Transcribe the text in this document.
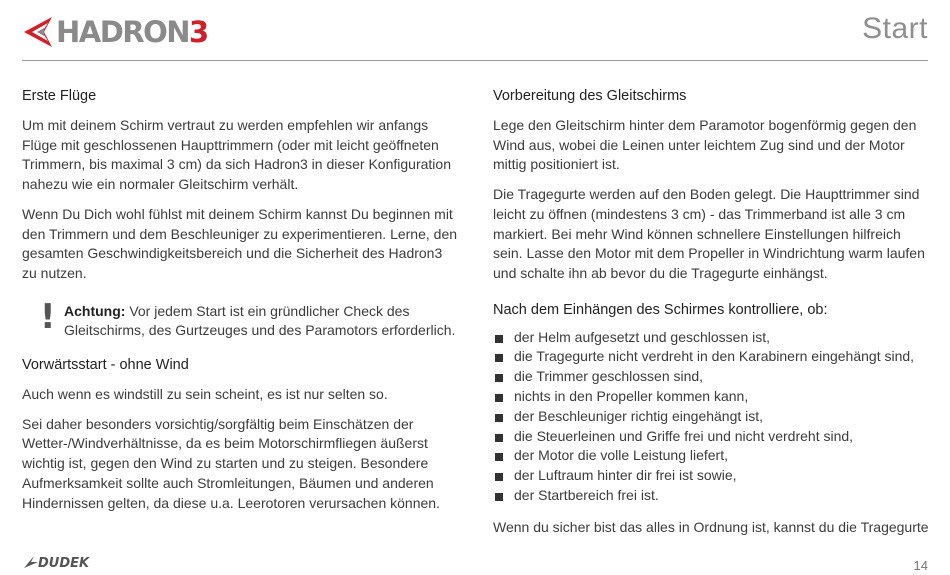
HADRON3	Start
Erste Flüge

Um mit deinem Schirm vertraut zu werden empfehlen wir anfangs Flüge mit geschlossenen Haupttrimmern (oder mit leicht geöffneten Trimmern, bis maximal 3 cm) da sich Hadron3 in dieser Konfiguration nahezu wie ein normaler Gleitschirm verhält.

Wenn Du Dich wohl fühlst mit deinem Schirm kannst Du beginnen mit den Trimmern und dem Beschleuniger zu experimentieren. Lerne, den gesamten Geschwindigkeitsbereich und die Sicherheit des Hadron3
zu nutzen.

! Achtung: Vor jedem Start ist ein gründlicher Check des Gleitschirms, des Gurtzeuges und des Paramotors erforderlich.

Vorwärtsstart - ohne Wind

Auch wenn es windstill zu sein scheint, es ist nur selten so.

Sei daher besonders vorsichtig/sorgfältig beim Einschätzen der Wetter-/Windverhältnisse, da es beim Motorschirmfliegen äußerst wichtig ist, gegen den Wind zu starten und zu steigen. Besondere Aufmerksamkeit sollte auch Stromleitungen, Bäumen und anderen Hindernissen gelten, da diese u.a. Leerotoren verursachen können.

Vorbereitung des Gleitschirms

Lege den Gleitschirm hinter dem Paramotor bogenförmig gegen den Wind aus, wobei die Leinen unter leichtem Zug sind und der Motor mittig positioniert ist.

Die Tragegurte werden auf den Boden gelegt. Die Haupttrimmer sind leicht zu öffnen (mindestens 3 cm) - das Trimmerband ist alle 3 cm markiert. Bei mehr Wind können schnellere Einstellungen hilfreich sein. Lasse den Motor mit dem Propeller in Windrichtung warm laufen und schalte ihn ab bevor du die Tragegurte einhängst.

Nach dem Einhängen des Schirmes kontrolliere, ob:
der Helm aufgesetzt und geschlossen ist,
die Tragegurte nicht verdreht in den Karabinern eingehängt sind,
die Trimmer geschlossen sind,
nichts in den Propeller kommen kann,
der Beschleuniger richtig eingehängt ist,
die Steuerleinen und Griffe frei und nicht verdreht sind,
der Motor die volle Leistung liefert,
der Luftraum hinter dir frei ist sowie,
der Startbereich frei ist.

Wenn du sicher bist das alles in Ordnung ist, kannst du die Tragegurte

DUDEK	14
